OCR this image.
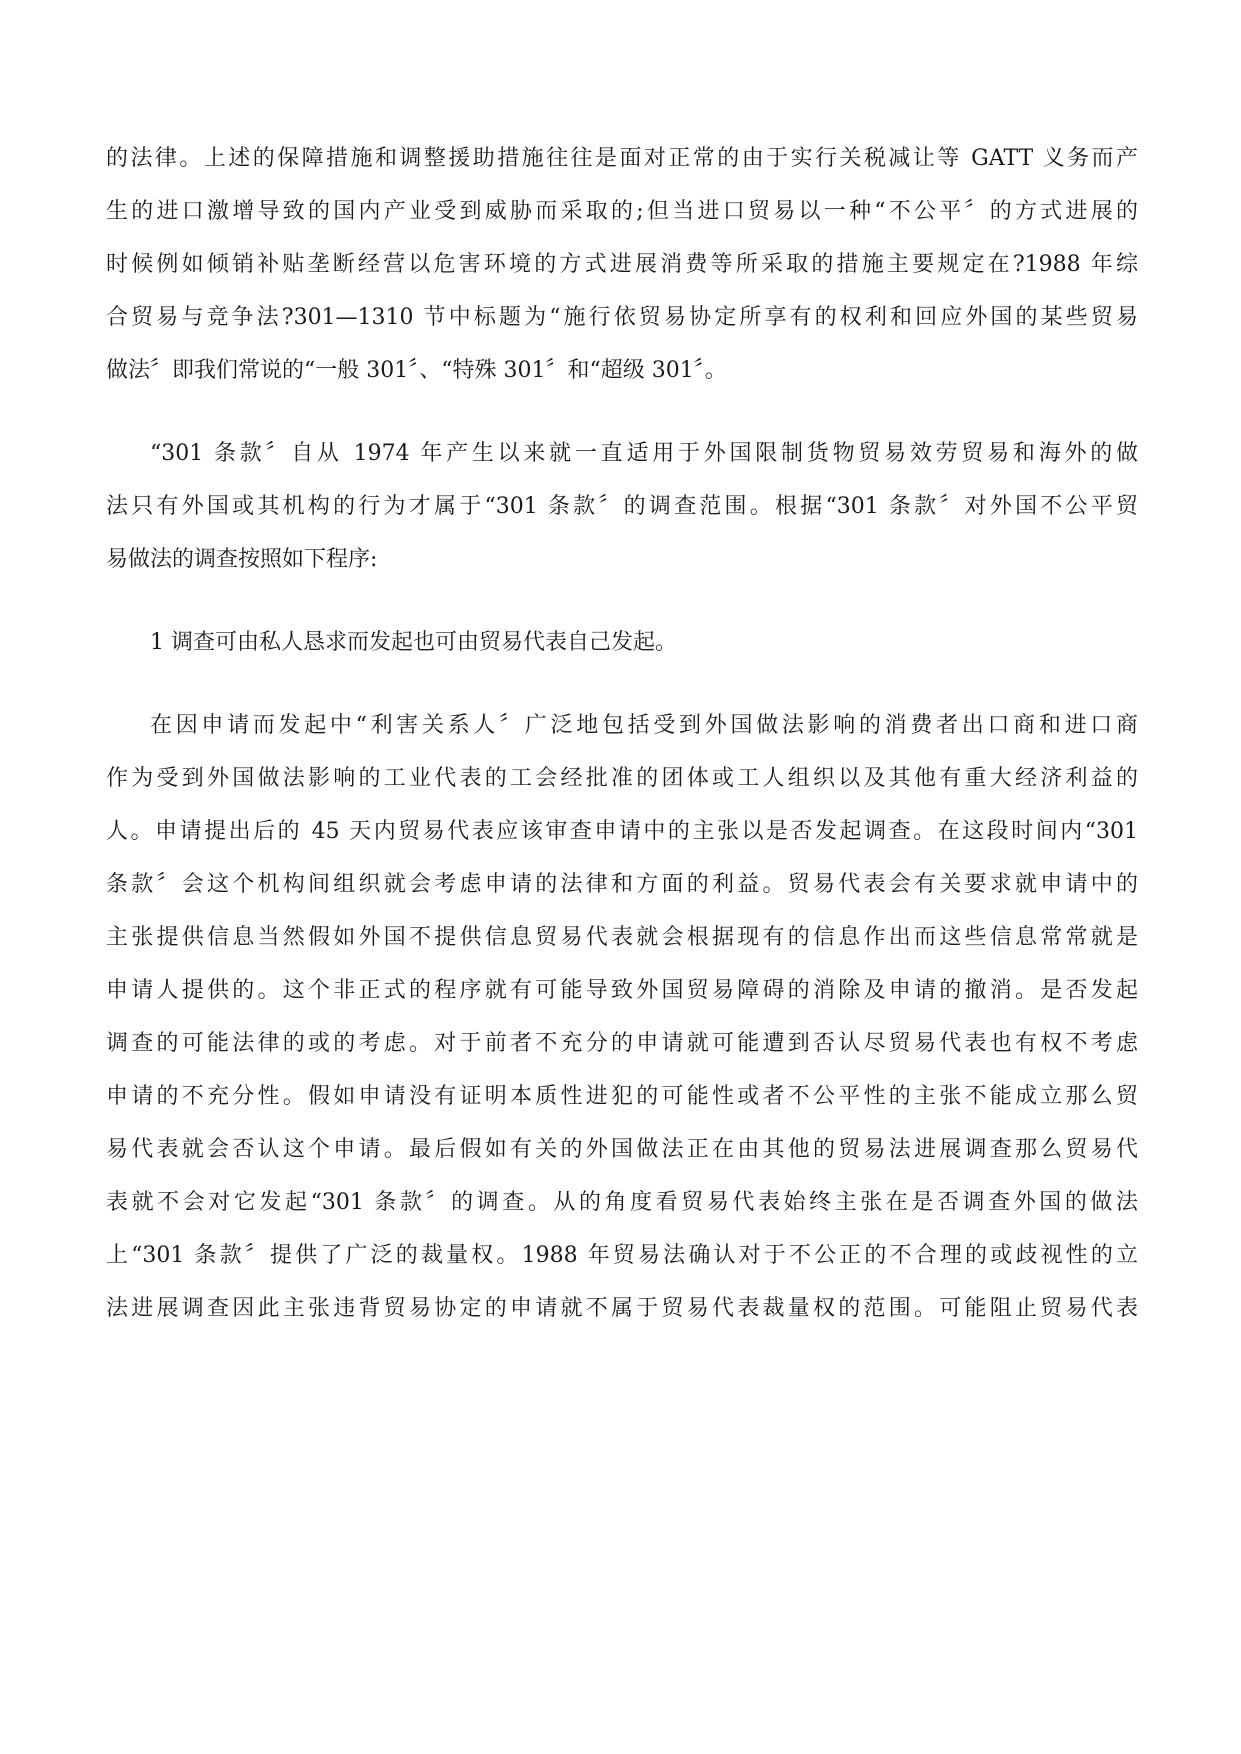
的法律。上述的保障措施和调整援助措施往往是面对正常的由于实行关税减让等 GATT 义务而产
生的进口激增导致的国内产业受到威胁而采取的;但当进口贸易以一种“不公平〞的方式进展的
时候例如倾销补贴垄断经营以危害环境的方式进展消费等所采取的措施主要规定在?1988 年综
合贸易与竞争法?301—1310 节中标题为“施行依贸易协定所享有的权利和回应外国的某些贸易
做法〞即我们常说的“一般 301〞、“特殊 301〞和“超级 301〞。
“301 条款〞自从 1974 年产生以来就一直适用于外国限制货物贸易效劳贸易和海外的做
法只有外国或其机构的行为才属于“301 条款〞的调查范围。根据“301 条款〞对外国不公平贸
易做法的调查按照如下程序:
1 调查可由私人恳求而发起也可由贸易代表自己发起。
在因申请而发起中“利害关系人〞广泛地包括受到外国做法影响的消费者出口商和进口商
作为受到外国做法影响的工业代表的工会经批准的团体或工人组织以及其他有重大经济利益的
人。申请提出后的 45 天内贸易代表应该审查申请中的主张以是否发起调查。在这段时间内“301
条款〞会这个机构间组织就会考虑申请的法律和方面的利益。贸易代表会有关要求就申请中的
主张提供信息当然假如外国不提供信息贸易代表就会根据现有的信息作出而这些信息常常就是
申请人提供的。这个非正式的程序就有可能导致外国贸易障碍的消除及申请的撤消。是否发起
调查的可能法律的或的考虑。对于前者不充分的申请就可能遭到否认尽贸易代表也有权不考虑
申请的不充分性。假如申请没有证明本质性进犯的可能性或者不公平性的主张不能成立那么贸
易代表就会否认这个申请。最后假如有关的外国做法正在由其他的贸易法进展调查那么贸易代
表就不会对它发起“301 条款〞的调查。从的角度看贸易代表始终主张在是否调查外国的做法
上“301 条款〞提供了广泛的裁量权。1988 年贸易法确认对于不公正的不合理的或歧视性的立
法进展调查因此主张违背贸易协定的申请就不属于贸易代表裁量权的范围。可能阻止贸易代表
